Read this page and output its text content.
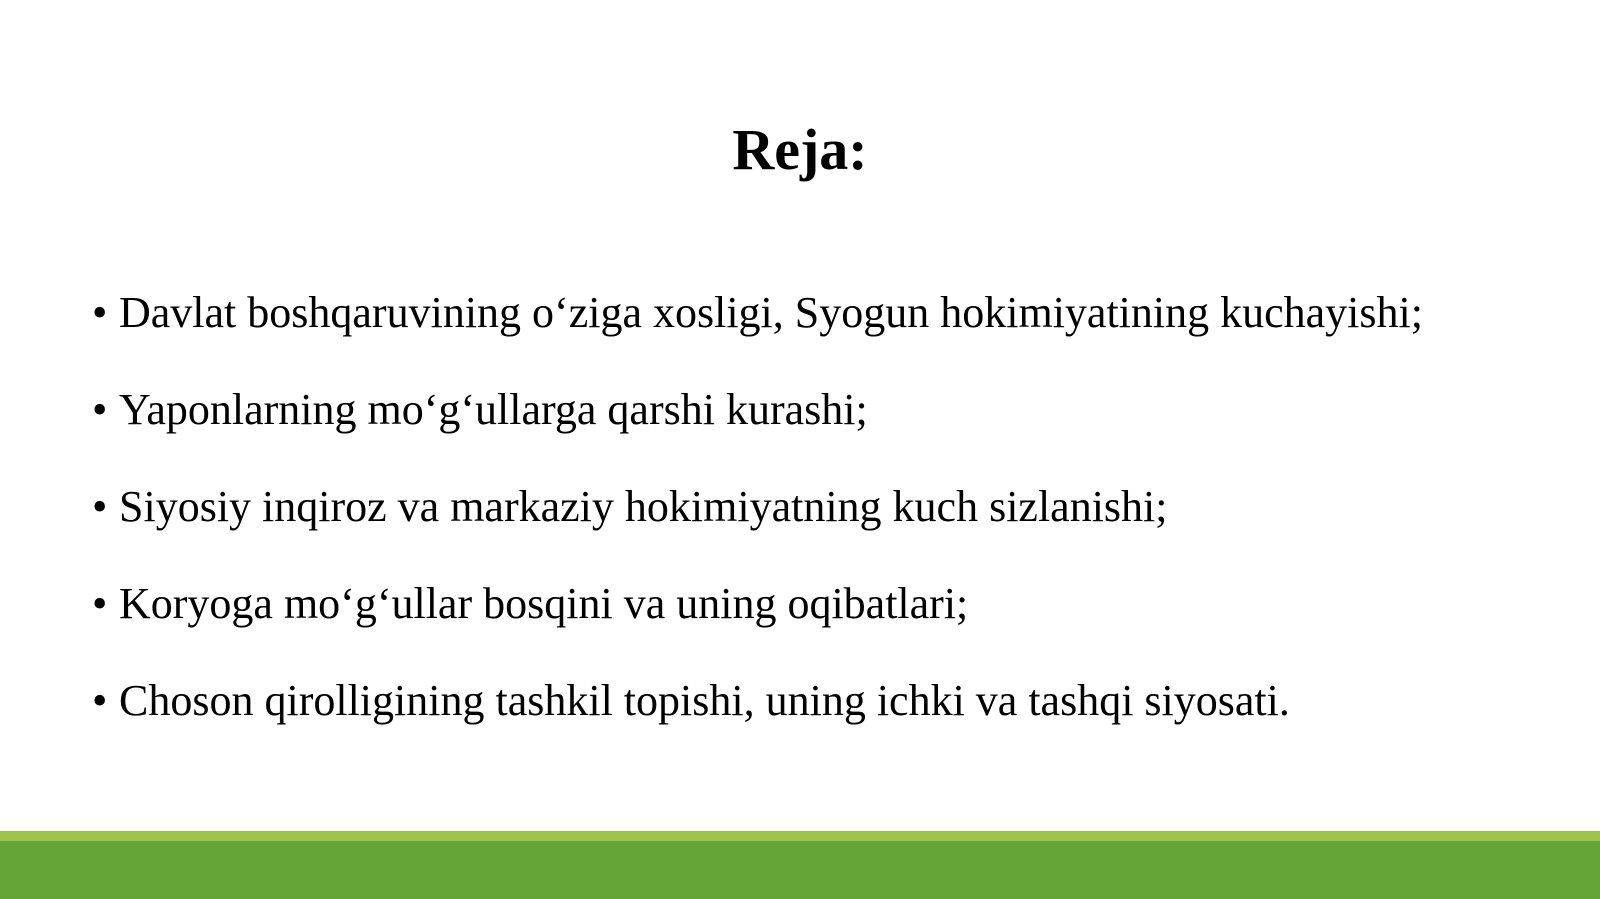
Reja:
• Davlat boshqaruvining o‘ziga xosligi, Syogun hokimiyatining kuchayishi;
• Yaponlarning mo‘g‘ullarga qarshi kurashi;
• Siyosiy inqiroz va markaziy hokimiyatning kuch sizlanishi;
• Koryoga mo‘g‘ullar bosqini va uning oqibatlari;
• Choson qirolligining tashkil topishi, uning ichki va tashqi siyosati.
